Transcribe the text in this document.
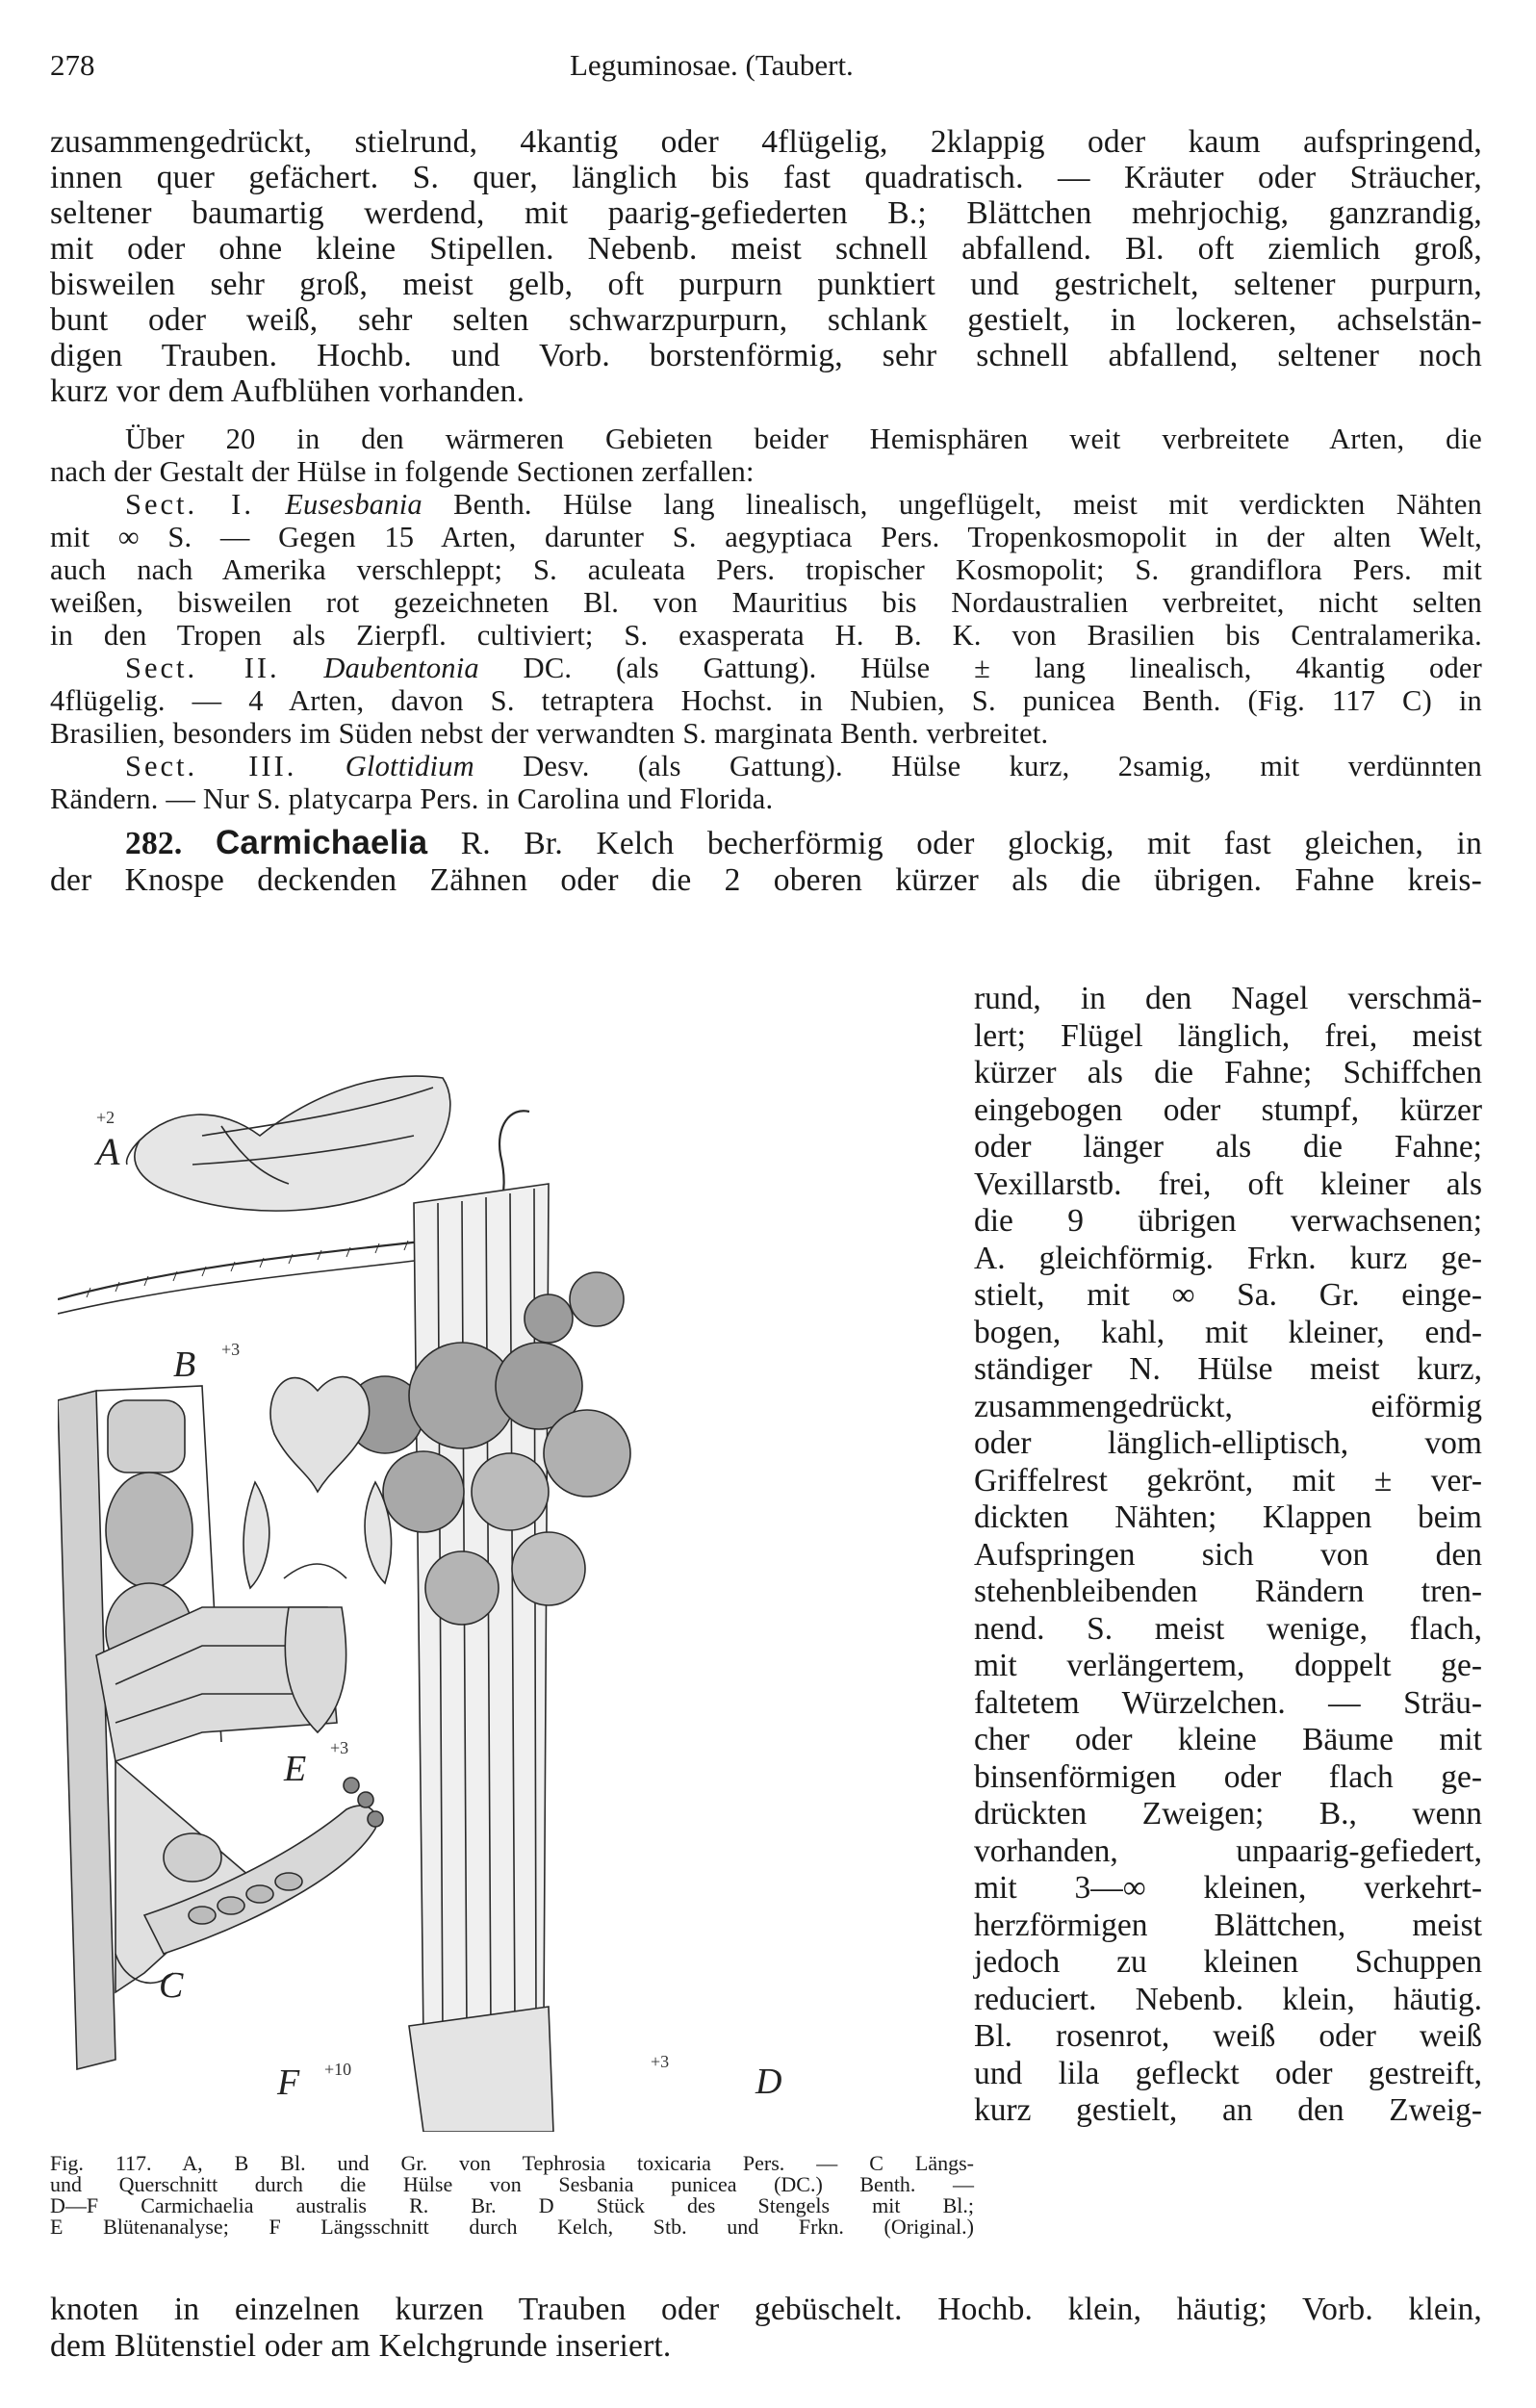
278	Leguminosae. (Taubert.
zusammengedrückt, stielrund, 4kantig oder 4flügelig, 2klappig oder kaum aufspringend,
innen quer gefächert. S. quer, länglich bis fast quadratisch. — Kräuter oder Sträucher,
seltener baumartig werdend, mit paarig-gefiederten B.; Blättchen mehrjochig, ganzrandig,
mit oder ohne kleine Stipellen. Nebenb. meist schnell abfallend. Bl. oft ziemlich groß,
bisweilen sehr groß, meist gelb, oft purpurn punktiert und gestrichelt, seltener purpurn,
bunt oder weiß, sehr selten schwarzpurpurn, schlank gestielt, in lockeren, achselstän-
digen Trauben. Hochb. und Vorb. borstenförmig, sehr schnell abfallend, seltener noch
kurz vor dem Aufblühen vorhanden.
Über 20 in den wärmeren Gebieten beider Hemisphären weit verbreitete Arten, die
nach der Gestalt der Hülse in folgende Sectionen zerfallen:
Sect. I. Eusesbania Benth. Hülse lang linealisch, ungeflügelt, meist mit verdickten Nähten
mit ∞ S. — Gegen 15 Arten, darunter S. aegyptiaca Pers. Tropenkosmopolit in der alten Welt,
auch nach Amerika verschleppt; S. aculeata Pers. tropischer Kosmopolit; S. grandiflora Pers. mit
weißen, bisweilen rot gezeichneten Bl. von Mauritius bis Nordaustralien verbreitet, nicht selten
in den Tropen als Zierpfl. cultiviert; S. exasperata H. B. K. von Brasilien bis Centralamerika.
Sect. II. Daubentonia DC. (als Gattung). Hülse ± lang linealisch, 4kantig oder
4flügelig. — 4 Arten, davon S. tetraptera Hochst. in Nubien, S. punicea Benth. (Fig. 117 C) in
Brasilien, besonders im Süden nebst der verwandten S. marginata Benth. verbreitet.
Sect. III. Glottidium Desv. (als Gattung). Hülse kurz, 2samig, mit verdünnten
Rändern. — Nur S. platycarpa Pers. in Carolina und Florida.
282. Carmichaelia R. Br. Kelch becherförmig oder glockig, mit fast gleichen, in
der Knospe deckenden Zähnen oder die 2 oberen kürzer als die übrigen. Fahne kreis-
rund, in den Nagel verschmä-
lert; Flügel länglich, frei, meist
kürzer als die Fahne; Schiffchen
eingebogen oder stumpf, kürzer
oder länger als die Fahne;
Vexillarstb. frei, oft kleiner als
die 9 übrigen verwachsenen;
A. gleichförmig. Frkn. kurz ge-
stielt, mit ∞ Sa. Gr. einge-
bogen, kahl, mit kleiner, end-
ständiger N. Hülse meist kurz,
zusammengedrückt, eiförmig
oder länglich-elliptisch, vom
Griffelrest gekrönt, mit ± ver-
dickten Nähten; Klappen beim
Aufspringen sich von den
stehenbleibenden Rändern tren-
nend. S. meist wenige, flach,
mit verlängertem, doppelt ge-
faltetem Würzelchen. — Sträu-
cher oder kleine Bäume mit
binsenförmigen oder flach ge-
drückten Zweigen; B., wenn
vorhanden, unpaarig-gefiedert,
mit 3—∞ kleinen, verkehrt-
herzförmigen Blättchen, meist
jedoch zu kleinen Schuppen
reduciert. Nebenb. klein, häutig.
Bl. rosenrot, weiß oder weiß
und lila gefleckt oder gestreift,
kurz gestielt, an den Zweig-
A
+2
B +3
C
E
+3
F +10	D
+3
Fig. 117. A, B Bl. und Gr. von Tephrosia toxicaria Pers. — C Längs-
und Querschnitt durch die Hülse von Sesbania punicea (DC.) Benth. —
D—F Carmichaelia australis R. Br. D Stück des Stengels mit Bl.;
E Blütenanalyse; F Längsschnitt durch Kelch, Stb. und Frkn. (Original.)
knoten in einzelnen kurzen Trauben oder gebüschelt. Hochb. klein, häutig; Vorb. klein,
dem Blütenstiel oder am Kelchgrunde inseriert.
